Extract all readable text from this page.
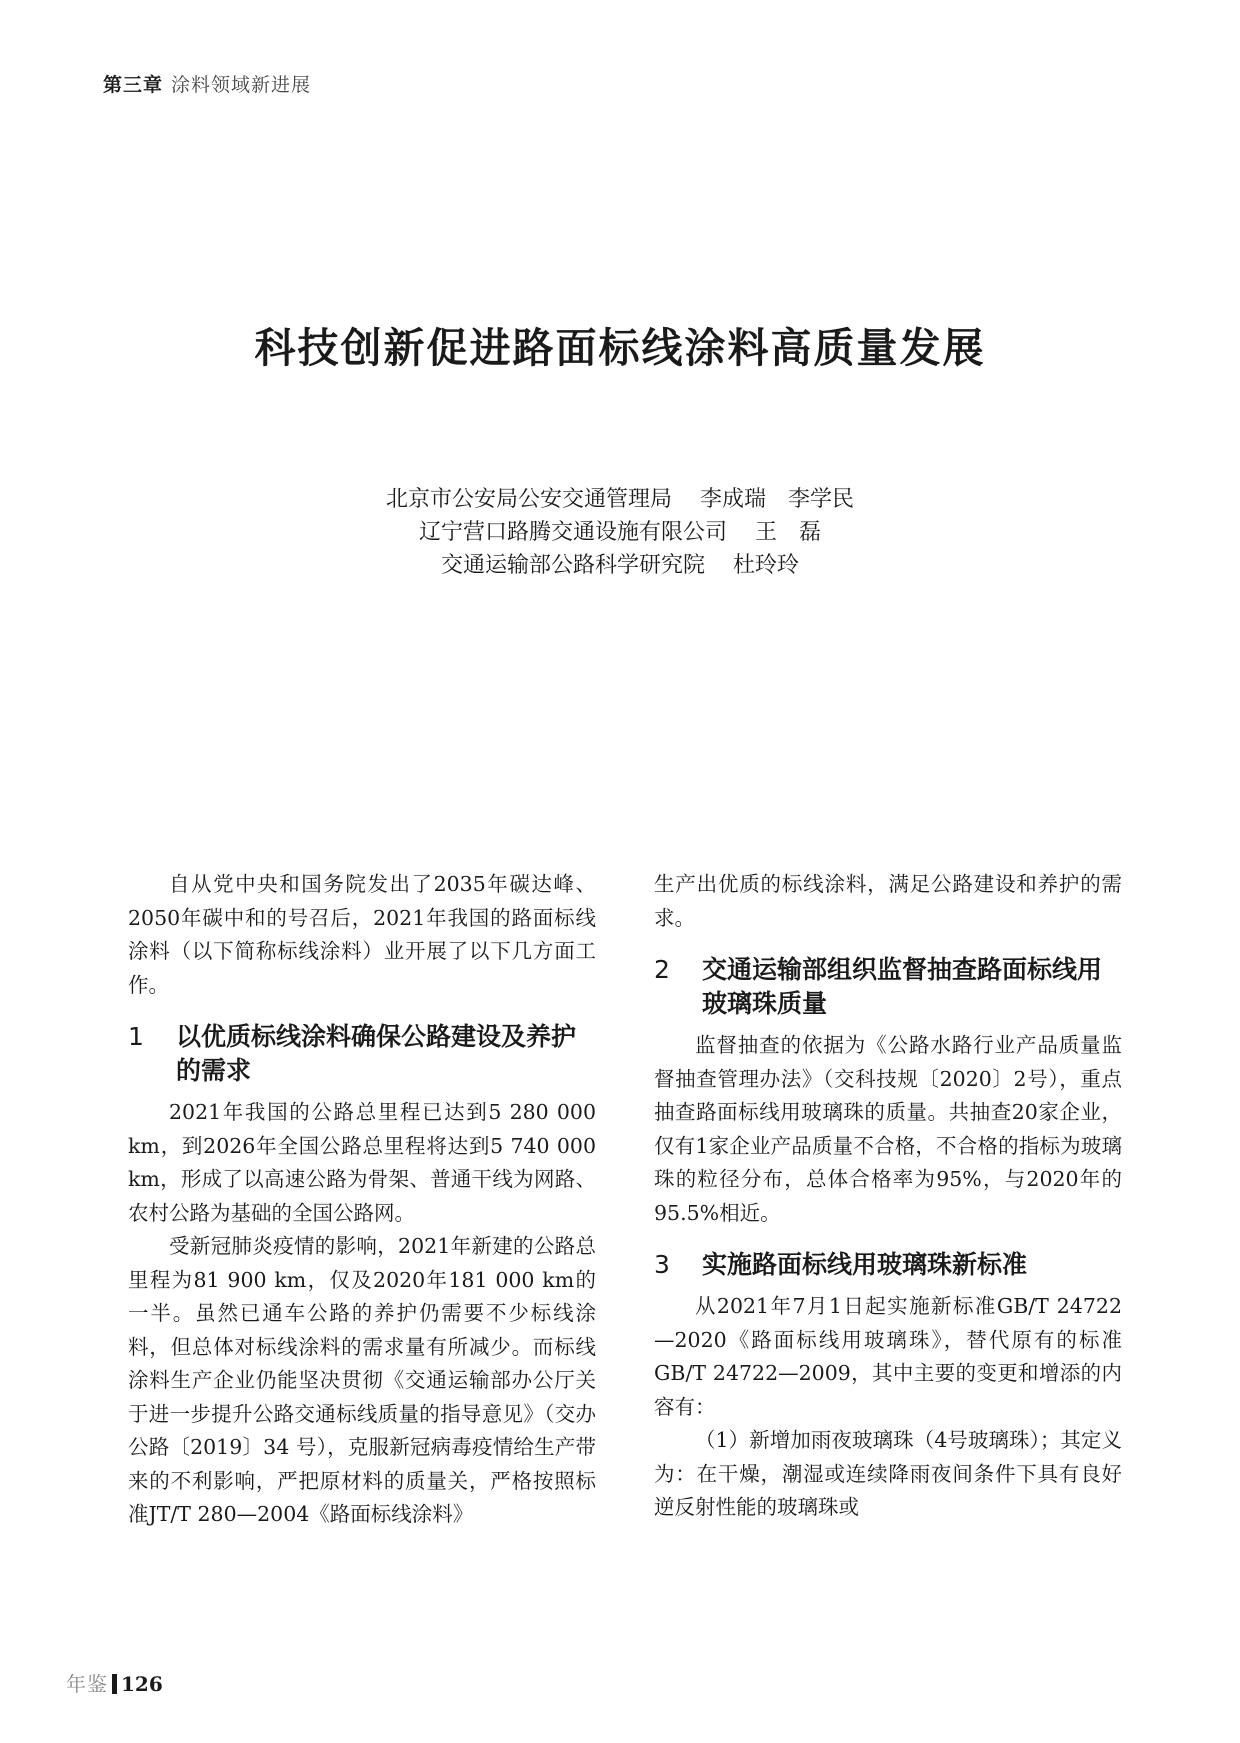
第三章 涂料领域新进展
科技创新促进路面标线涂料高质量发展
北京市公安局公安交通管理局 李成瑞　李学民
辽宁营口路腾交通设施有限公司 王　磊
交通运输部公路科学研究院 杜玲玲

自从党中央和国务院发出了2035年碳达峰、2050年碳中和的号召后，2021年我国的路面标线涂料（以下简称标线涂料）业开展了以下几方面工作。

1	以优质标线涂料确保公路建设及养护的需求

2021年我国的公路总里程已达到5 280 000 km，到2026年全国公路总里程将达到5 740 000 km，形成了以高速公路为骨架、普通干线为网路、农村公路为基础的全国公路网。

受新冠肺炎疫情的影响，2021年新建的公路总里程为81 900 km，仅及2020年181 000 km的一半。虽然已通车公路的养护仍需要不少标线涂料，但总体对标线涂料的需求量有所减少。而标线涂料生产企业仍能坚决贯彻《交通运输部办公厅关于进一步提升公路交通标线质量的指导意见》（交办公路〔2019〕34 号），克服新冠病毒疫情给生产带来的不利影响，严把原材料的质量关，严格按照标准JT/T 280—2004《路面标线涂料》

生产出优质的标线涂料，满足公路建设和养护的需求。

2	交通运输部组织监督抽查路面标线用玻璃珠质量

监督抽查的依据为《公路水路行业产品质量监督抽查管理办法》（交科技规〔2020〕2号），重点抽查路面标线用玻璃珠的质量。共抽查20家企业，仅有1家企业产品质量不合格，不合格的指标为玻璃珠的粒径分布，总体合格率为95%，与2020年的95.5%相近。

3	实施路面标线用玻璃珠新标准

从2021年7月1日起实施新标准GB/T 24722—2020《路面标线用玻璃珠》，替代原有的标准GB/T 24722—2009，其中主要的变更和增添的内容有：

（1）新增加雨夜玻璃珠（4号玻璃珠）；其定义为：在干燥，潮湿或连续降雨夜间条件下具有良好逆反射性能的玻璃珠或

年鉴 126
